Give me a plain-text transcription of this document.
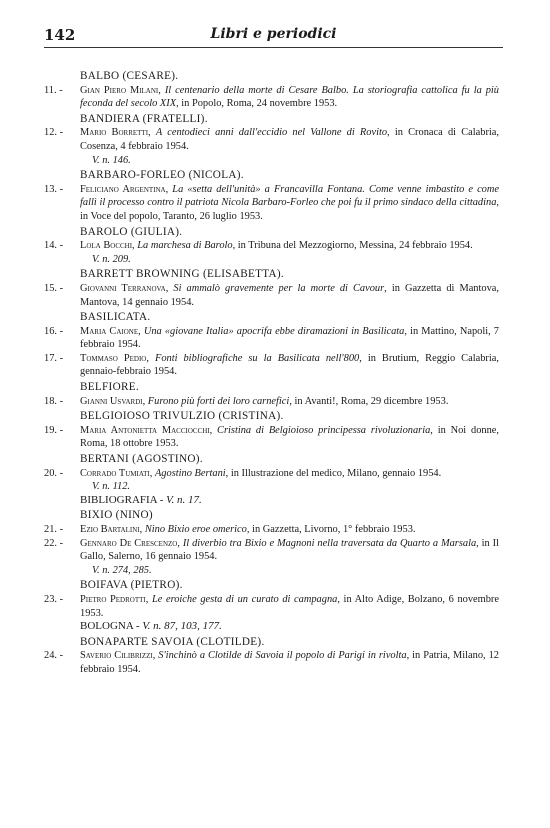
142	Libri e periodici
BALBO (CESARE).
11. -	Gian Piero Milani, Il centenario della morte di Cesare Balbo. La storiografia cattolica fu la più feconda del secolo XIX, in Popolo, Roma, 24 novembre 1953.
BANDIERA (FRATELLI).
12. -	Mario Borretti, A centodieci anni dall'eccidio nel Vallone di Rovito, in Cronaca di Calabria, Cosenza, 4 febbraio 1954.
V. n. 146.
BARBARO-FORLEO (NICOLA).
13. -	Feliciano Argentina, La «setta dell'unità» a Francavilla Fontana. Come venne imbastito e come fallì il processo contro il patriota Nicola Barbaro-Forleo che poi fu il primo sindaco della cittadina, in Voce del popolo, Taranto, 26 luglio 1953.
BAROLO (GIULIA).
14. -	Lola Bocchi, La marchesa di Barolo, in Tribuna del Mezzogiorno, Messina, 24 febbraio 1954.
V. n. 209.
BARRETT BROWNING (ELISABETTA).
15. -	Giovanni Terranova, Si ammalò gravemente per la morte di Cavour, in Gazzetta di Mantova, Mantova, 14 gennaio 1954.
BASILICATA.
16. -	Maria Caione, Una «giovane Italia» apocrifa ebbe diramazioni in Basilicata, in Mattino, Napoli, 7 febbraio 1954.
17. -	Tommaso Pedio, Fonti bibliografiche su la Basilicata nell'800, in Brutium, Reggio Calabria, gennaio-febbraio 1954.
BELFIORE.
18. -	Gianni Usvardi, Furono più forti dei loro carnefici, in Avanti!, Roma, 29 dicembre 1953.
BELGIOIOSO TRIVULZIO (CRISTINA).
19. -	Maria Antonietta Macciocchi, Cristina di Belgioioso principessa rivoluzionaria, in Noi donne, Roma, 18 ottobre 1953.
BERTANI (AGOSTINO).
20. -	Corrado Tumiati, Agostino Bertani, in Illustrazione del medico, Milano, gennaio 1954.
V. n. 112.
BIBLIOGRAFIA - V. n. 17.
BIXIO (NINO)
21. -	Ezio Bartalini, Nino Bixio eroe omerico, in Gazzetta, Livorno, 1° febbraio 1953.
22. -	Gennaro De Crescenzo, Il diverbio tra Bixio e Magnoni nella traversata da Quarto a Marsala, in Il Gallo, Salerno, 16 gennaio 1954.
V. n. 274, 285.
BOIFAVA (PIETRO).
23. -	Pietro Pedrotti, Le eroiche gesta di un curato di campagna, in Alto Adige, Bolzano, 6 novembre 1953.
BOLOGNA - V. n. 87, 103, 177.
BONAPARTE SAVOIA (CLOTILDE).
24. -	Saverio Cilibrizzi, S'inchinò a Clotilde di Savoia il popolo di Parigi in rivolta, in Patria, Milano, 12 febbraio 1954.
